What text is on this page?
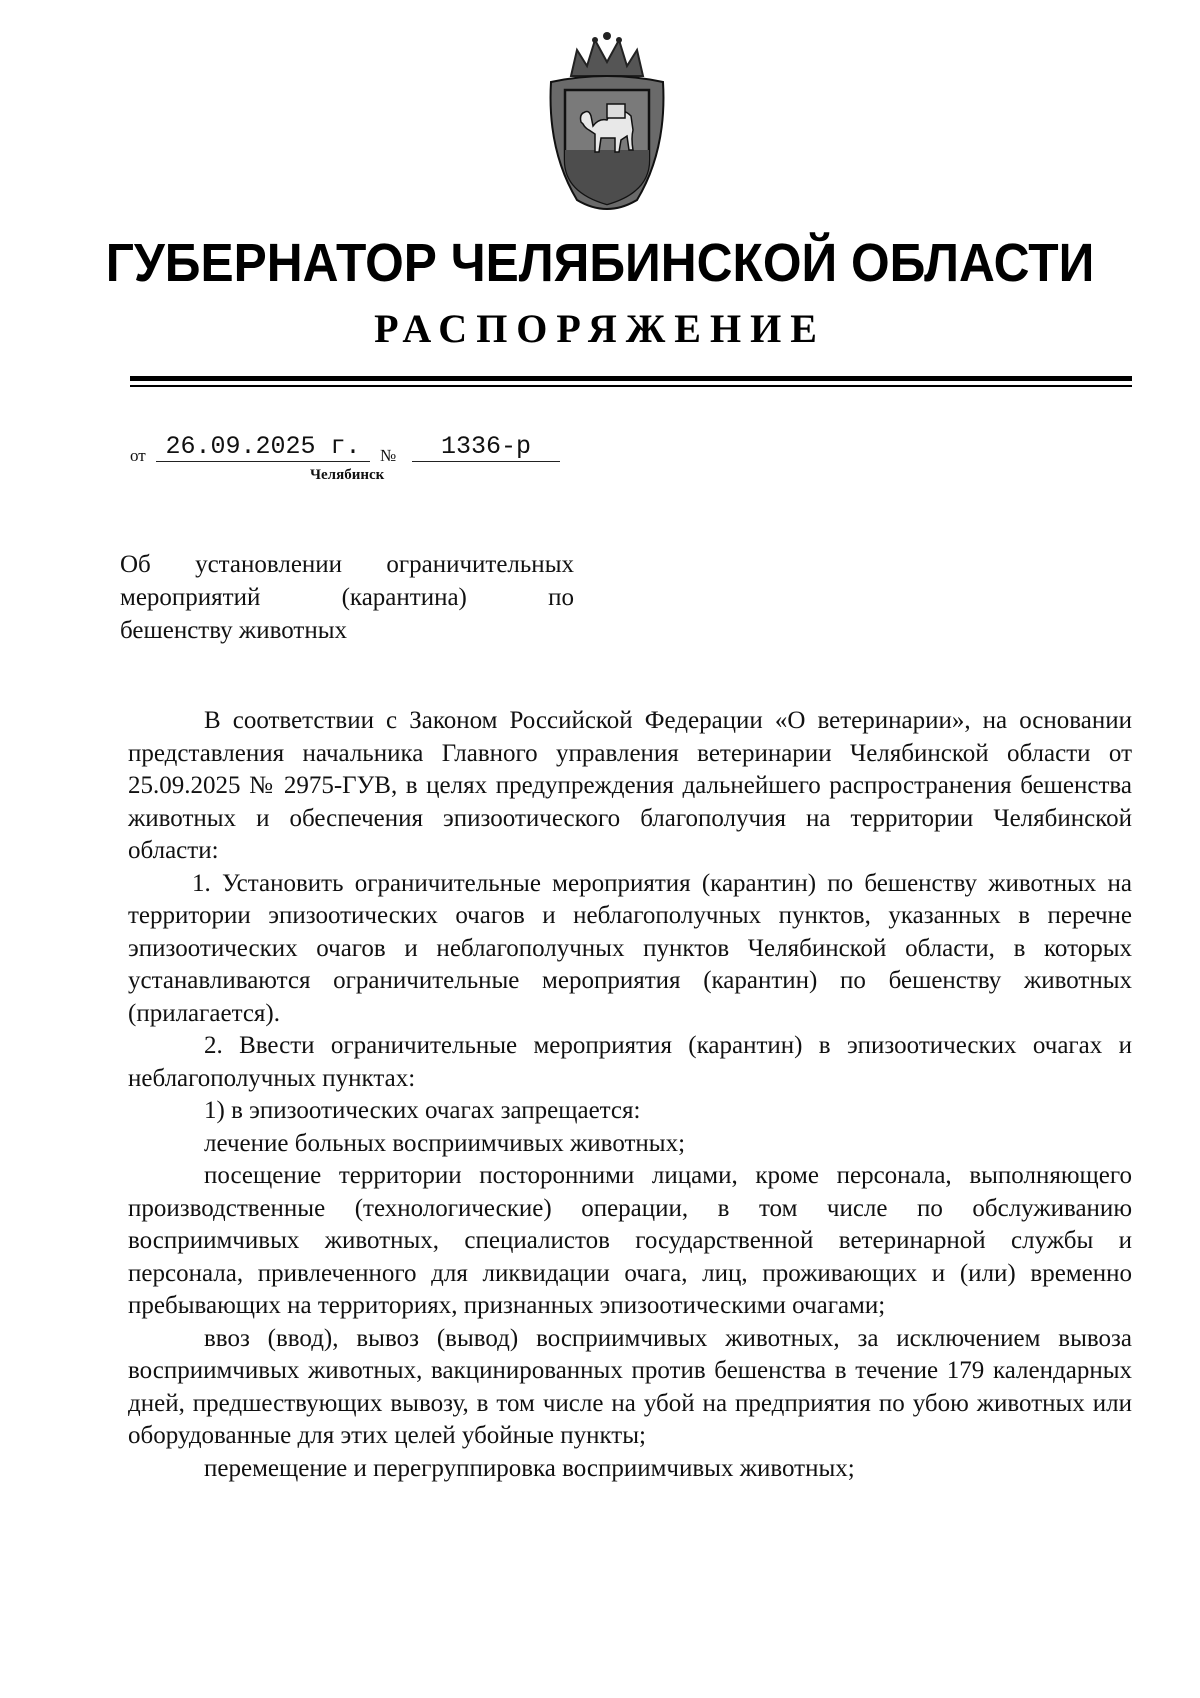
ГУБЕРНАТОР ЧЕЛЯБИНСКОЙ ОБЛАСТИ
РАСПОРЯЖЕНИЕ
от 26.09.2025 г.	№	1336-р
Челябинск
Об установлении ограничительных
мероприятий (карантина) по
бешенству животных

В соответствии с Законом Российской Федерации «О ветеринарии», на основании представления начальника Главного управления ветеринарии Челябинской области от 25.09.2025 № 2975-ГУВ, в целях предупреждения дальнейшего распространения бешенства животных и обеспечения эпизоотического благополучия на территории Челябинской области:

1. Установить ограничительные мероприятия (карантин) по бешенству животных на территории эпизоотических очагов и неблагополучных пунктов, указанных в перечне эпизоотических очагов и неблагополучных пунктов Челябинской области, в которых устанавливаются ограничительные мероприятия (карантин) по бешенству животных (прилагается).

2. Ввести ограничительные мероприятия (карантин) в эпизоотических очагах и неблагополучных пунктах:

1) в эпизоотических очагах запрещается:

лечение больных восприимчивых животных;

посещение территории посторонними лицами, кроме персонала, выполняющего производственные (технологические) операции, в том числе по обслуживанию восприимчивых животных, специалистов государственной ветеринарной службы и персонала, привлеченного для ликвидации очага, лиц, проживающих и (или) временно пребывающих на территориях, признанных эпизоотическими очагами;

ввоз (ввод), вывоз (вывод) восприимчивых животных, за исключением вывоза восприимчивых животных, вакцинированных против бешенства в течение 179 календарных дней, предшествующих вывозу, в том числе на убой на предприятия по убою животных или оборудованные для этих целей убойные пункты;

перемещение и перегруппировка восприимчивых животных;
